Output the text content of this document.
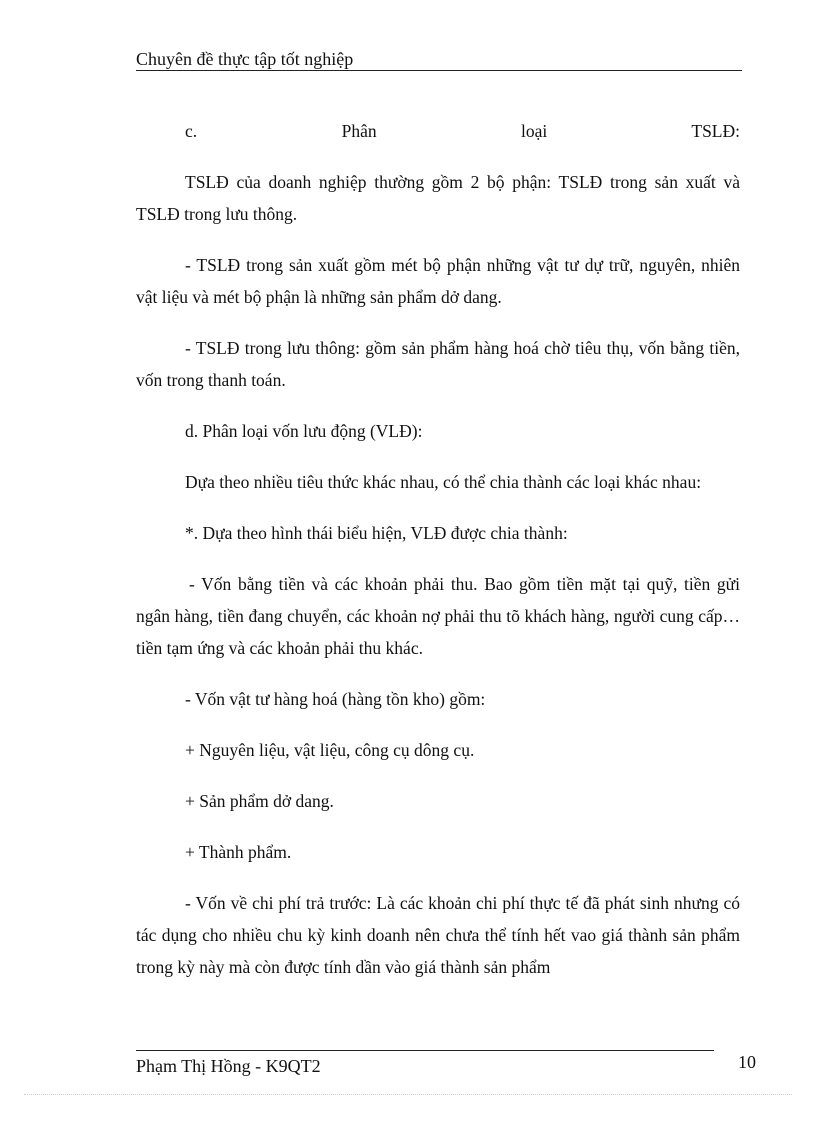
Chuyên đề thực tập tốt nghiệp

c. Phân loại TSLĐ:

TSLĐ của doanh nghiệp thường gồm 2 bộ phận: TSLĐ trong sản xuất và TSLĐ trong lưu thông.

- TSLĐ trong sản xuất gồm mét bộ phận những vật tư dự trữ, nguyên, nhiên vật liệu và mét bộ phận là những sản phẩm dở dang.

- TSLĐ trong lưu thông: gồm sản phẩm hàng hoá chờ tiêu thụ, vốn bằng tiền, vốn trong thanh toán.

d. Phân loại vốn lưu động (VLĐ):

Dựa theo nhiều tiêu thức khác nhau, có thể chia thành các loại khác nhau:

*. Dựa theo hình thái biểu hiện, VLĐ được chia thành:

- Vốn bằng tiền và các khoản phải thu. Bao gồm tiền mặt tại quỹ, tiền gửi ngân hàng, tiền đang chuyển, các khoản nợ phải thu tõ khách hàng, người cung cấp… tiền tạm ứng và các khoản phải thu khác.

- Vốn vật tư hàng hoá (hàng tồn kho) gồm:

+ Nguyên liệu, vật liệu, công cụ dông cụ.

+ Sản phẩm dở dang.

+ Thành phẩm.

- Vốn về chi phí trả trước: Là các khoản chi phí thực tế đã phát sinh nhưng có tác dụng cho nhiều chu kỳ kinh doanh nên chưa thể tính hết vao giá thành sản phẩm trong kỳ này mà còn được tính dần vào giá thành sản phẩm

Phạm Thị Hồng - K9QT2	10
